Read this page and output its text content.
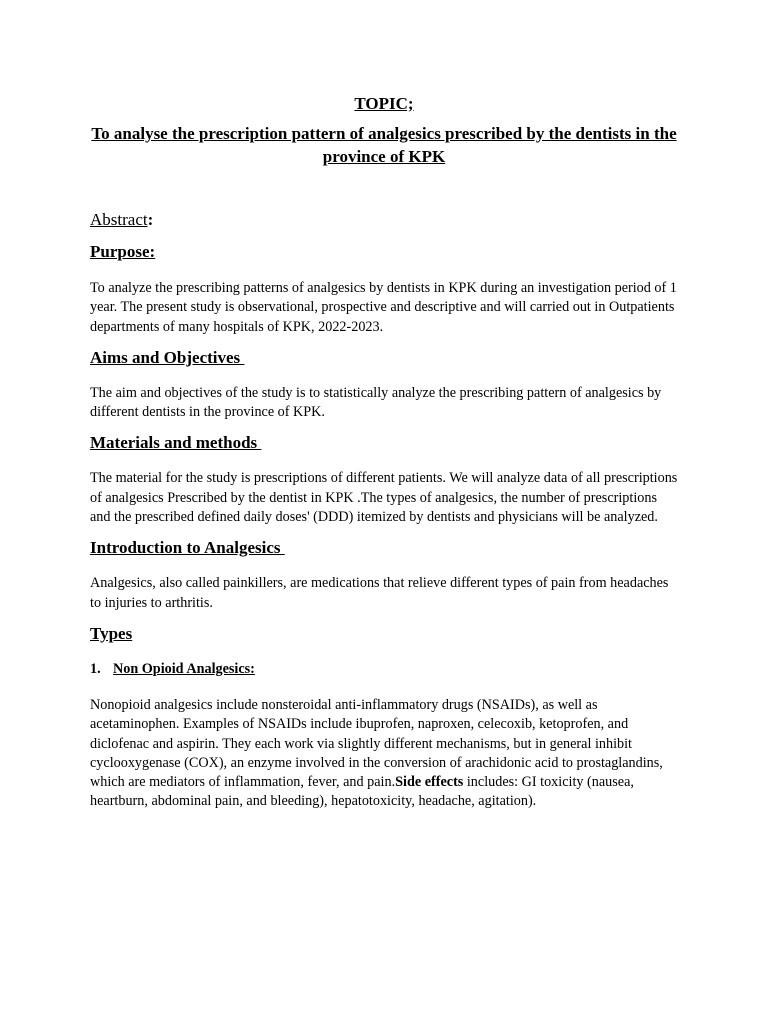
TOPIC;
To analyse the prescription pattern of analgesics prescribed by the dentists in the province of KPK
Abstract:
Purpose:

To analyze the prescribing patterns of analgesics by dentists in KPK during an investigation period of 1 year. The present study is observational, prospective and descriptive and will carried out in Outpatients departments of many hospitals of KPK, 2022-2023.

Aims and Objectives

The aim and objectives of the study is to statistically analyze the prescribing pattern of analgesics by different dentists in the province of KPK.

Materials and methods

The material for the study is prescriptions of different patients. We will analyze data of all prescriptions of analgesics Prescribed by the dentist in KPK .The types of analgesics, the number of prescriptions and the prescribed defined daily doses' (DDD) itemized by dentists and physicians will be analyzed.

Introduction to Analgesics

Analgesics, also called painkillers, are medications that relieve different types of pain from headaches to injuries to arthritis.

Types
1. Non Opioid Analgesics:

Nonopioid analgesics include nonsteroidal anti-inflammatory drugs (NSAIDs), as well as acetaminophen. Examples of NSAIDs include ibuprofen, naproxen, celecoxib, ketoprofen, and diclofenac and aspirin. They each work via slightly different mechanisms, but in general inhibit cyclooxygenase (COX), an enzyme involved in the conversion of arachidonic acid to prostaglandins, which are mediators of inflammation, fever, and pain.Side effects includes: GI toxicity (nausea, heartburn, abdominal pain, and bleeding), hepatotoxicity, headache, agitation).
